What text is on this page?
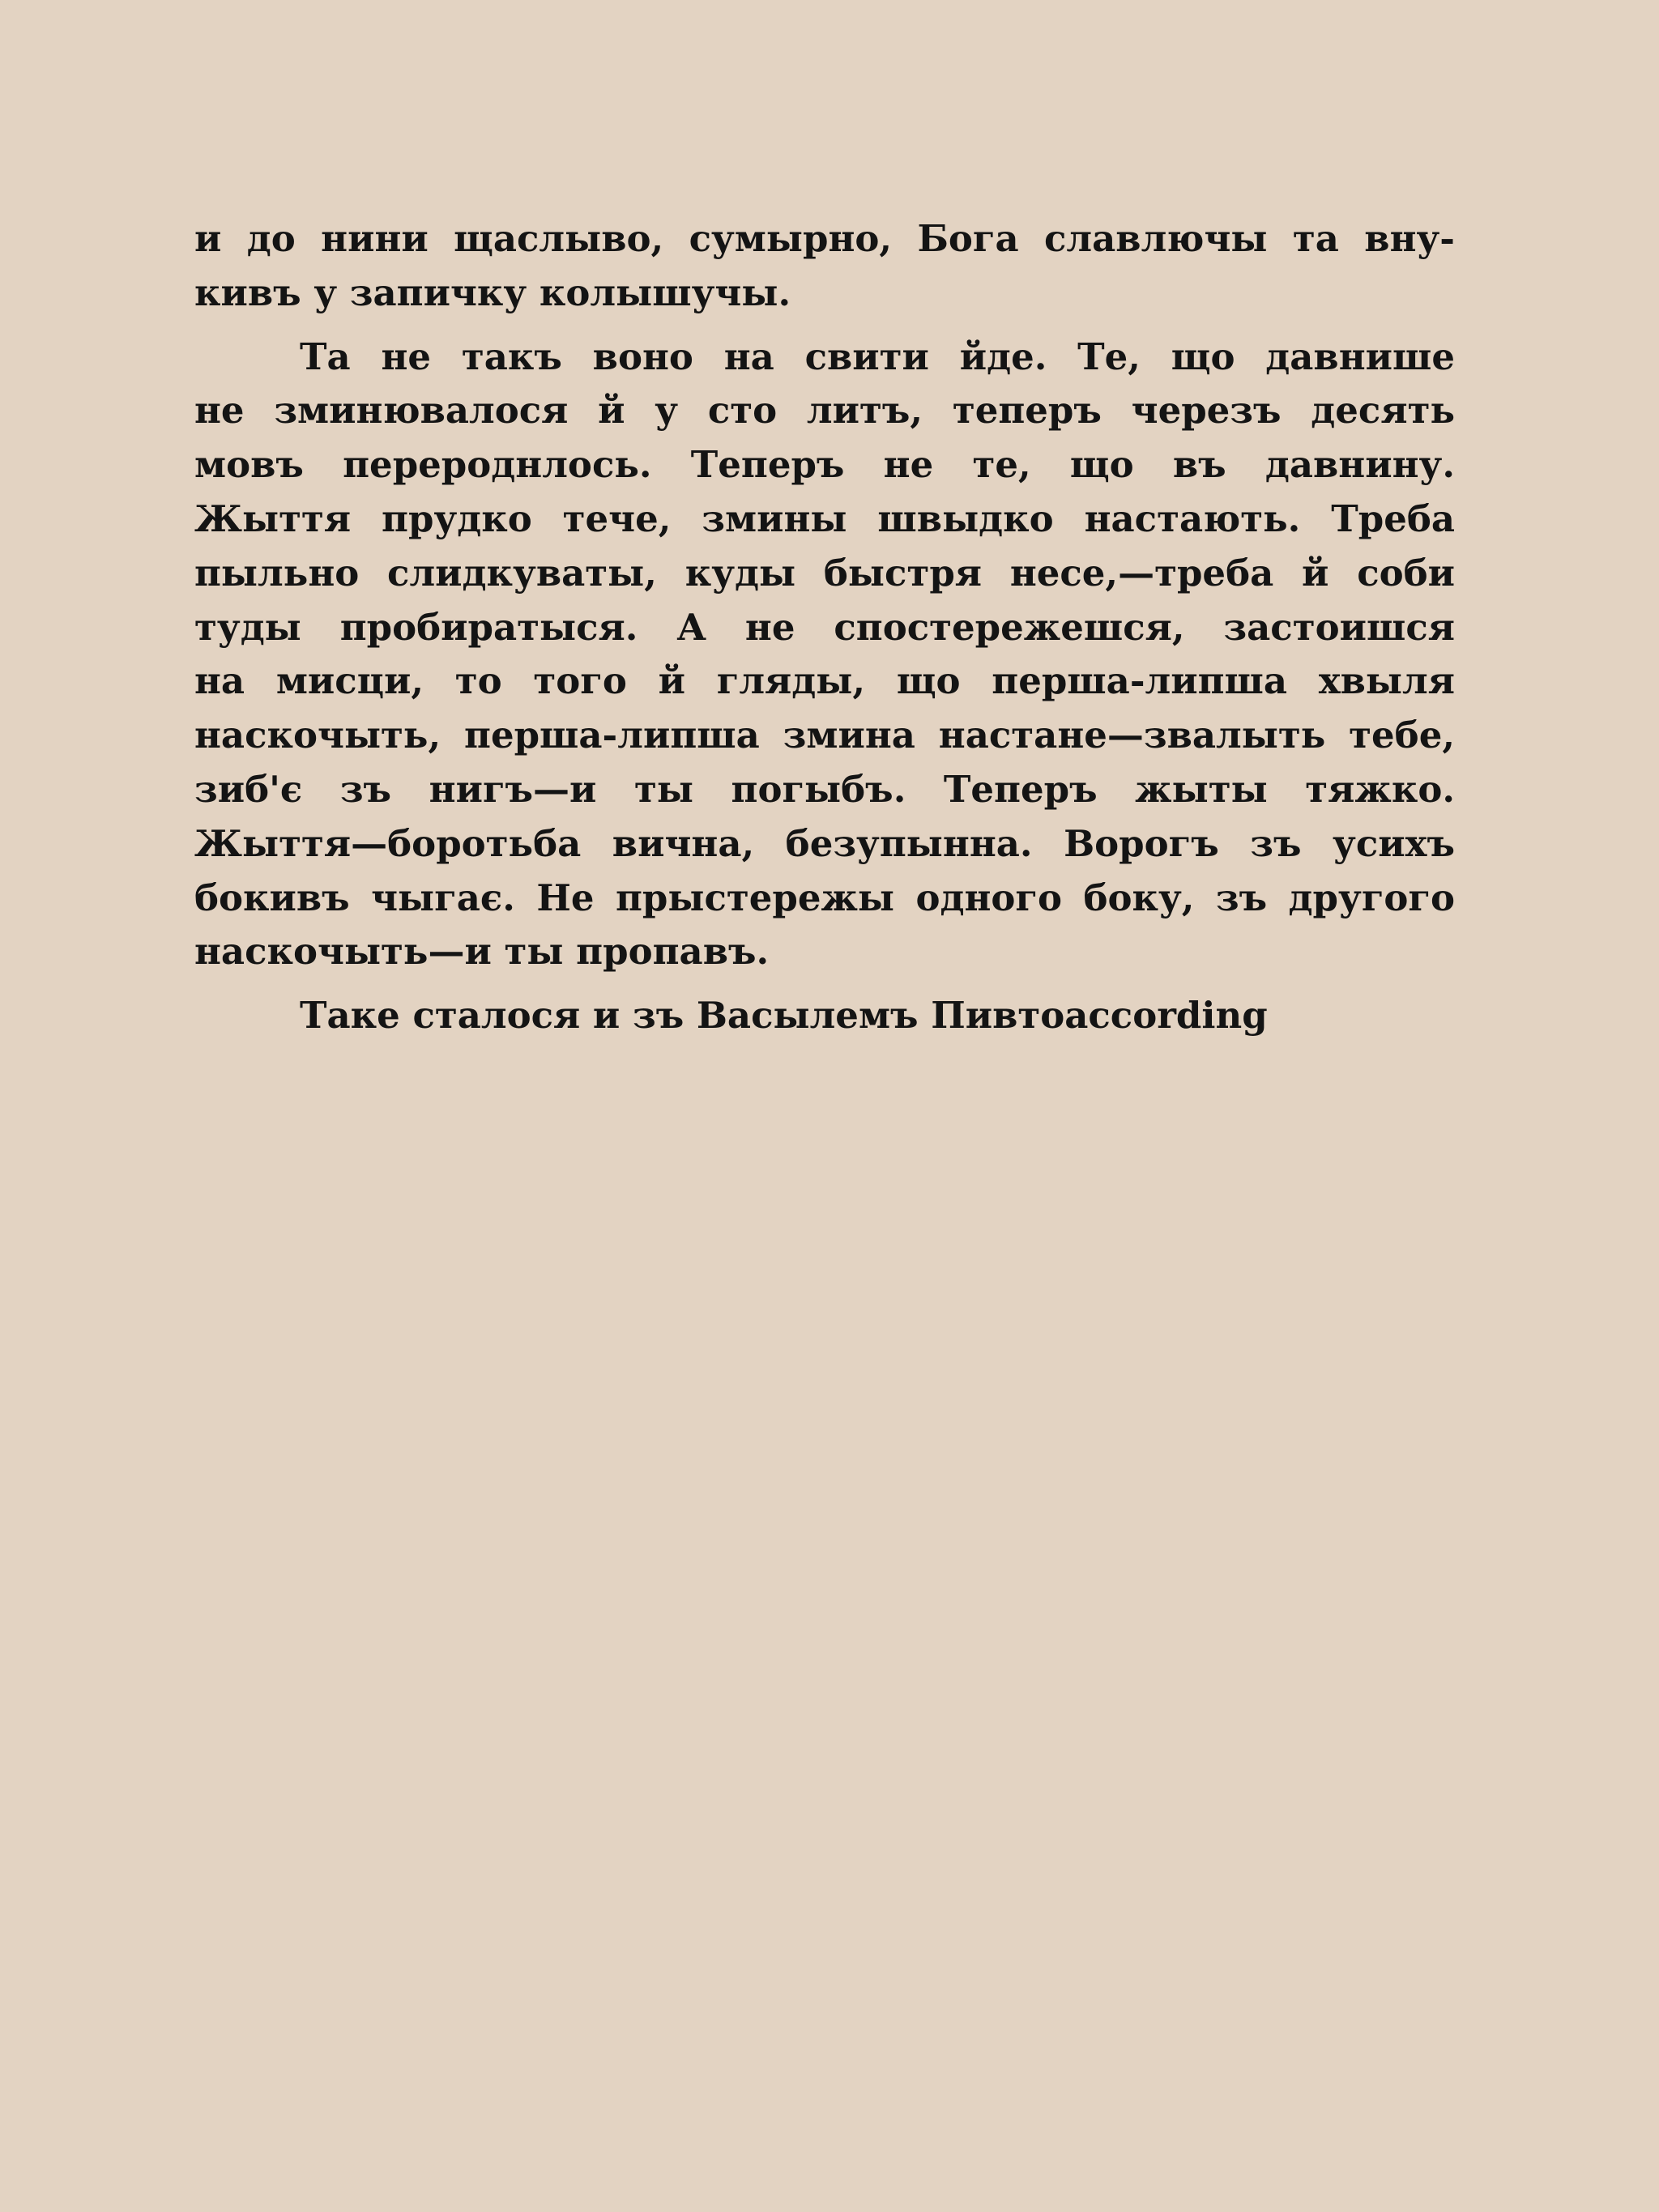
и до нини щаслыво, сумырно, Бога славлючы та вну-
кивъ у запичку колышучы.
Та не такъ воно на свити йде. Те, що давнише
не зминювалося й у сто литъ, теперъ черезъ десять
мовъ перероднлось. Теперъ не те, що въ давнину.
Жыття прудко тече, змины швыдко настають. Треба
пыльно слидкуваты, куды быстря несе,—треба й соби
туды пробиратыся. А не спостережешся, застоишся
на мисци, то того й гляды, що перша-липша хвыля
наскочыть, перша-липша змина настане—звалыть тебе,
зиб'є зъ нигъ—и ты погыбъ. Теперъ жыты тяжко.
Жыття—боротьба вична, безупынна. Ворогъ зъ усихъ
бокивъ чыгає. Не прыстережы одного боку, зъ другого
наскочыть—и ты пропавъ.
Таке сталося и зъ Васылемъ Пивтоaccording
